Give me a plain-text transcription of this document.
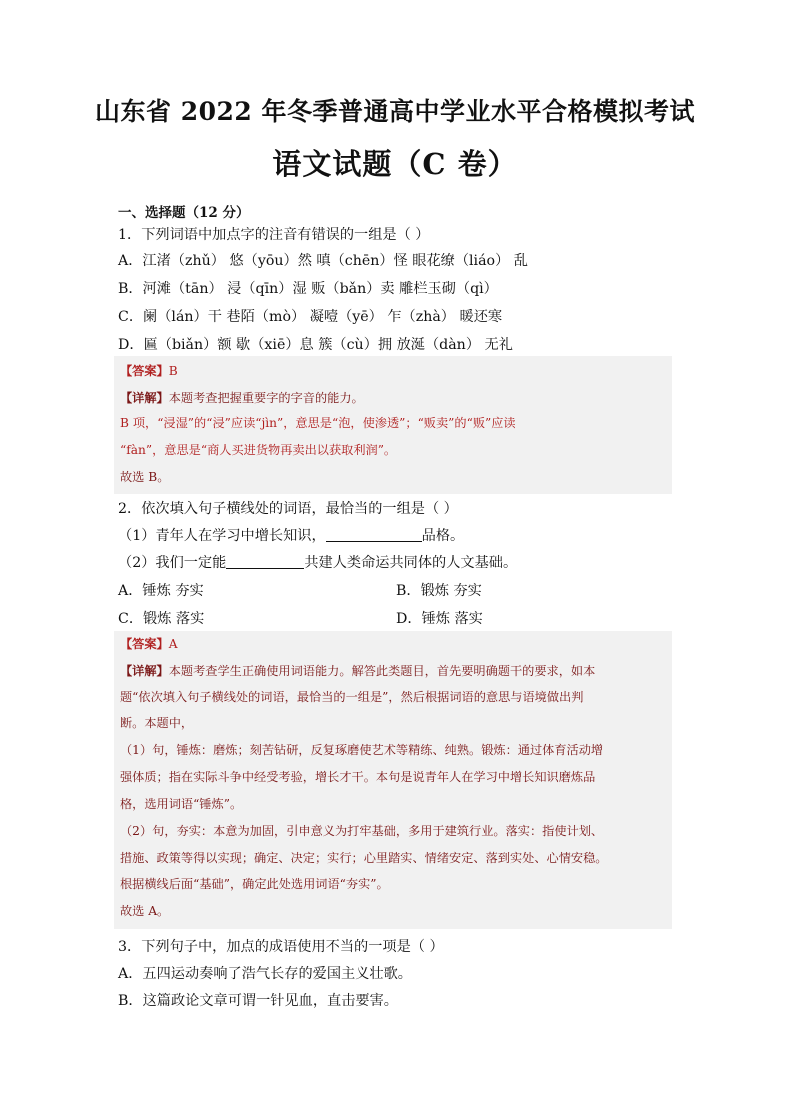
山东省 2022 年冬季普通高中学业水平合格模拟考试
语文试题（C 卷）
一、选择题（12 分）
1．下列词语中加点字的注音有错误的一组是（ ）
A．江渚（zhǔ） 悠（yōu）然 嗔（chēn）怪 眼花缭（liáo） 乱
B．河滩（tān） 浸（qīn）湿 贩（bǎn）卖 雕栏玉砌（qì）
C．阑（lán）干 巷陌（mò） 凝噎（yē） 乍（zhà） 暖还寒
D．匾（biǎn）额 歇（xiē）息 簇（cù）拥 放涎（dàn） 无礼
【答案】B
【详解】本题考查把握重要字的字音的能力。
B 项，“浸湿”的“浸”应读“jìn”，意思是“泡，使渗透”；“贩卖”的“贩”应读
“fàn”，意思是“商人买进货物再卖出以获取利润”。
故选 B。
2．依次填入句子横线处的词语，最恰当的一组是（ ）
（1）青年人在学习中增长知识，	品格。
（2）我们一定能	共建人类命运共同体的人文基础。
A．锤炼 夯实	B．锻炼 夯实
C．锻炼 落实	D．锤炼 落实
【答案】A
【详解】本题考查学生正确使用词语能力。解答此类题目，首先要明确题干的要求，如本
题“依次填入句子横线处的词语，最恰当的一组是”，然后根据词语的意思与语境做出判
断。本题中，
（1）句，锤炼：磨炼；刻苦钻研，反复琢磨使艺术等精练、纯熟。锻炼：通过体育活动增
强体质；指在实际斗争中经受考验，增长才干。本句是说青年人在学习中增长知识磨炼品
格，选用词语“锤炼”。
（2）句，夯实：本意为加固，引申意义为打牢基础，多用于建筑行业。落实：指使计划、
措施、政策等得以实现；确定、决定；实行；心里踏实、情绪安定、落到实处、心情安稳。
根据横线后面“基础”，确定此处选用词语“夯实”。
故选 A。
3．下列句子中，加点的成语使用不当的一项是（ ）
A．五四运动奏响了浩气长存的爱国主义壮歌。
B．这篇政论文章可谓一针见血，直击要害。
